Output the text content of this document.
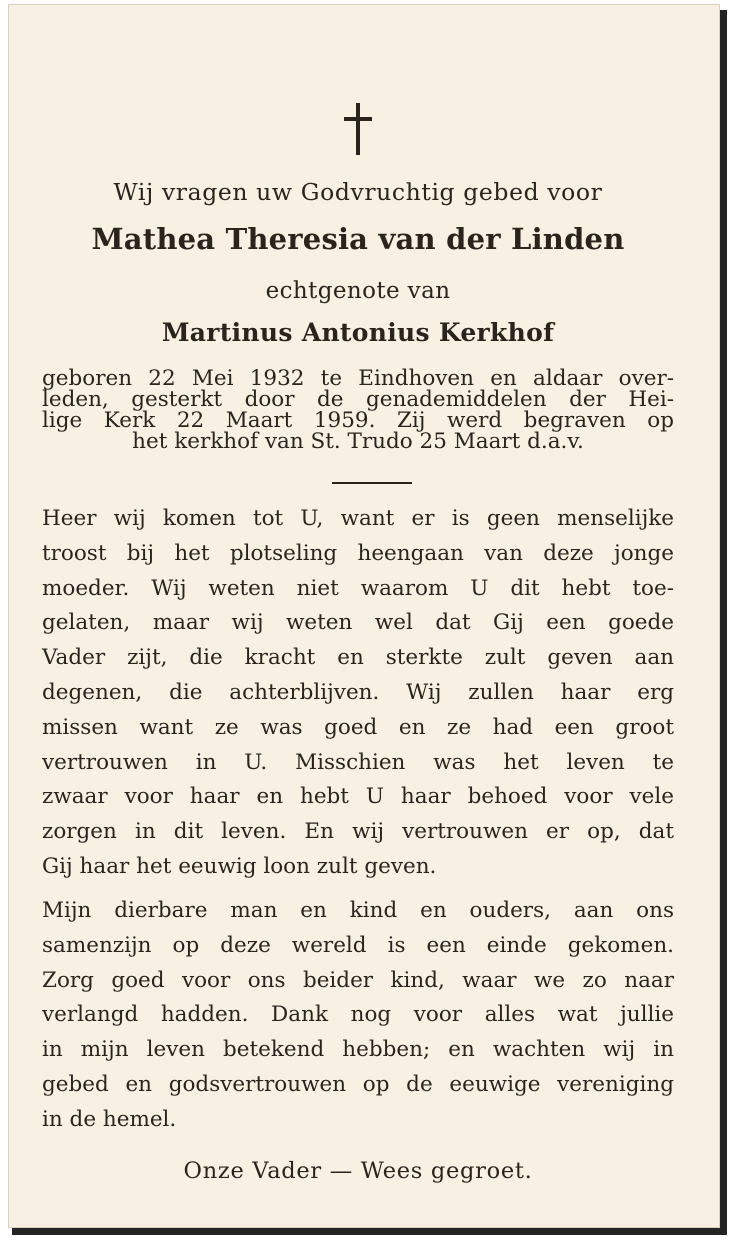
Wij vragen uw Godvruchtig gebed voor
Mathea Theresia van der Linden
echtgenote van
Martinus Antonius Kerkhof
geboren 22 Mei 1932 te Eindhoven en aldaar over-
leden, gesterkt door de genademiddelen der Hei-
lige Kerk 22 Maart 1959. Zij werd begraven op
het kerkhof van St. Trudo 25 Maart d.a.v.
Heer wij komen tot U, want er is geen menselijke
troost bij het plotseling heengaan van deze jonge
moeder. Wij weten niet waarom U dit hebt toe-
gelaten, maar wij weten wel dat Gij een goede
Vader zijt, die kracht en sterkte zult geven aan
degenen, die achterblijven. Wij zullen haar erg
missen want ze was goed en ze had een groot
vertrouwen in U. Misschien was het leven te
zwaar voor haar en hebt U haar behoed voor vele
zorgen in dit leven. En wij vertrouwen er op, dat
Gij haar het eeuwig loon zult geven.
Mijn dierbare man en kind en ouders, aan ons
samenzijn op deze wereld is een einde gekomen.
Zorg goed voor ons beider kind, waar we zo naar
verlangd hadden. Dank nog voor alles wat jullie
in mijn leven betekend hebben; en wachten wij in
gebed en godsvertrouwen op de eeuwige vereniging
in de hemel.
Onze Vader — Wees gegroet.
